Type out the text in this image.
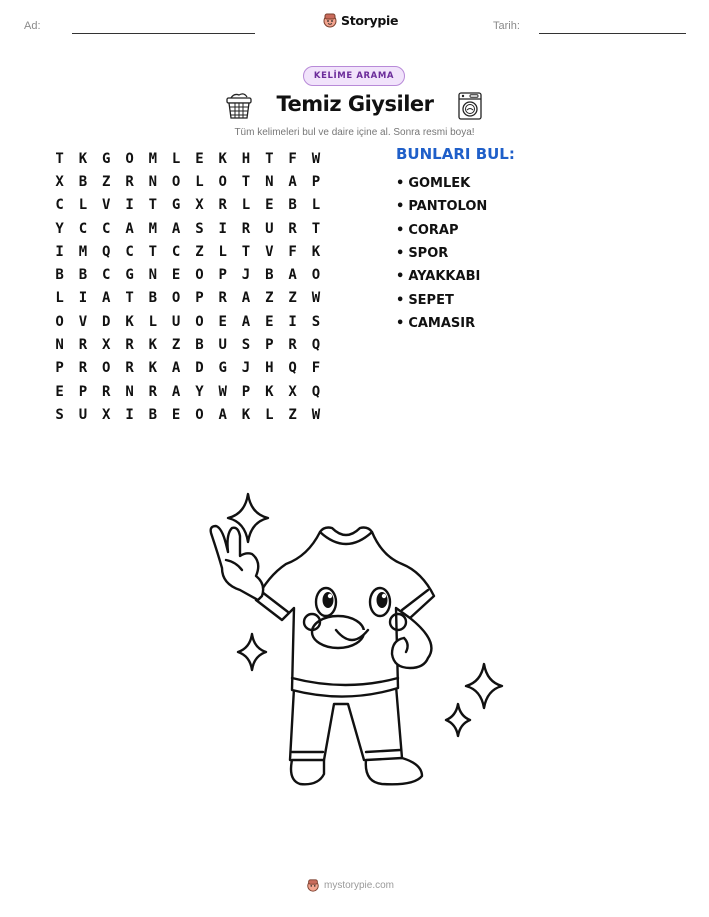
Ad:	Storypie	Tarih:
KELİME ARAMA
Temiz Giysiler
Tüm kelimeleri bul ve daire içine al. Sonra resmi boya!
T	K	G	O	M	L	E	K	H	T	F	W
X	B	Z	R	N	O	L	O	T	N	A	P
C	L	V	I	T	G	X	R	L	E	B	L
Y	C	C	A	M	A	S	I	R	U	R	T
I	M	Q	C	T	C	Z	L	T	V	F	K
B	B	C	G	N	E	O	P	J	B	A	O
L	I	A	T	B	O	P	R	A	Z	Z	W
O	V	D	K	L	U	O	E	A	E	I	S
N	R	X	R	K	Z	B	U	S	P	R	Q
P	R	O	R	K	A	D	G	J	H	Q	F
E	P	R	N	R	A	Y	W	P	K	X	Q
S	U	X	I	B	E	O	A	K	L	Z	W
BUNLARI BUL:
• GOMLEK
• PANTOLON
• CORAP
• SPOR
• AYAKKABI
• SEPET
• CAMASIR
mystorypie.com
